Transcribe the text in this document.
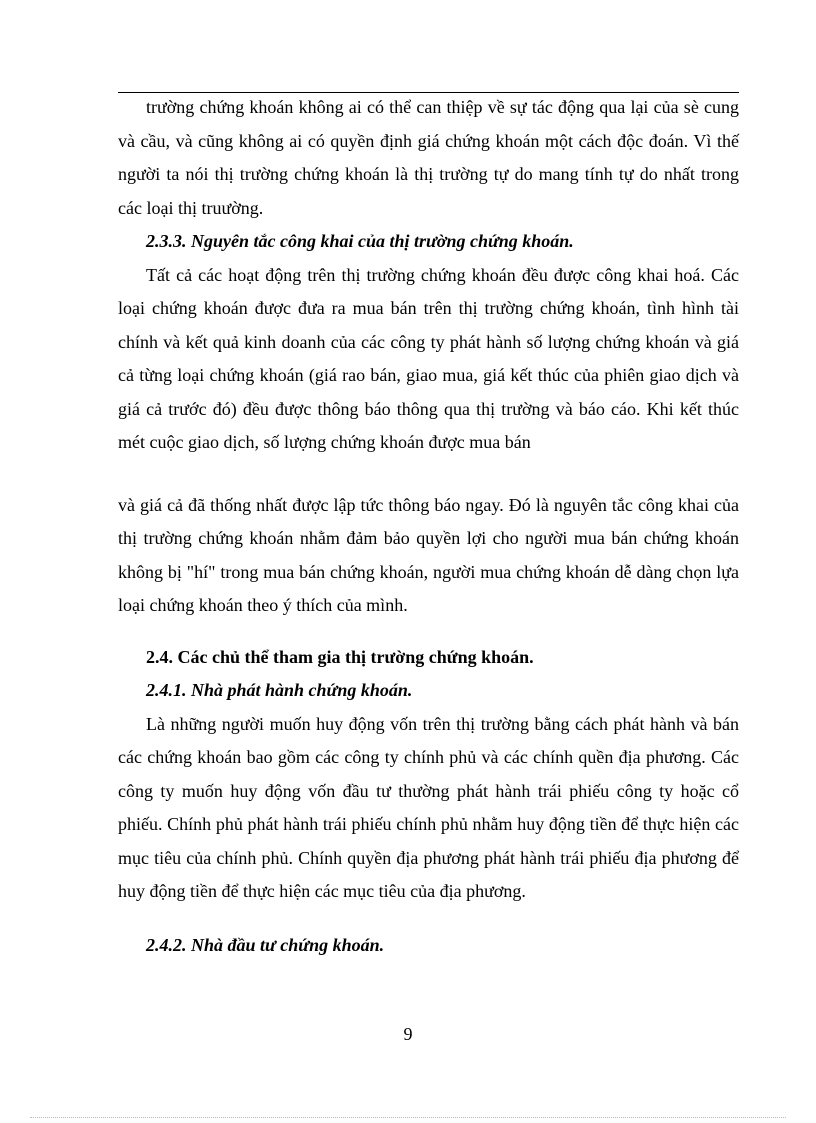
trường chứng khoán không ai có thể can thiệp về sự tác động qua lại của sè cung và cầu, và cũng không ai có quyền định giá chứng khoán một cách độc đoán. Vì thế người ta nói thị trường chứng khoán là thị trường tự do mang tính tự do nhất trong các loại thị truường.

2.3.3. Nguyên tắc công khai của thị trường chứng khoán.

Tất cả các hoạt động trên thị trường chứng khoán đều được công khai hoá. Các loại chứng khoán được đưa ra mua bán trên thị trường chứng khoán, tình hình tài chính và kết quả kinh doanh của các công ty phát hành số lượng chứng khoán và giá cả từng loại chứng khoán (giá rao bán, giao mua, giá kết thúc của phiên giao dịch và giá cả trước đó) đều được thông báo thông qua thị trường và báo cáo. Khi kết thúc mét cuộc giao dịch, số lượng chứng khoán được mua bán

và giá cả đã thống nhất được lập tức thông báo ngay. Đó là nguyên tắc công khai của thị trường chứng khoán nhằm đảm bảo quyền lợi cho người mua bán chứng khoán không bị "hí" trong mua bán chứng khoán, người mua chứng khoán dễ dàng chọn lựa loại chứng khoán theo ý thích của mình.

2.4. Các chủ thể tham gia thị trường chứng khoán.

2.4.1. Nhà phát hành chứng khoán.

Là những người muốn huy động vốn trên thị trường bằng cách phát hành và bán các chứng khoán bao gồm các công ty chính phủ và các chính quền địa phương. Các công ty muốn huy động vốn đầu tư thường phát hành trái phiếu công ty hoặc cổ phiếu. Chính phủ phát hành trái phiếu chính phủ nhằm huy động tiền để thực hiện các mục tiêu của chính phủ. Chính quyền địa phương phát hành trái phiếu địa phương để huy động tiền để thực hiện các mục tiêu của địa phương.

2.4.2. Nhà đầu tư chứng khoán.

9
